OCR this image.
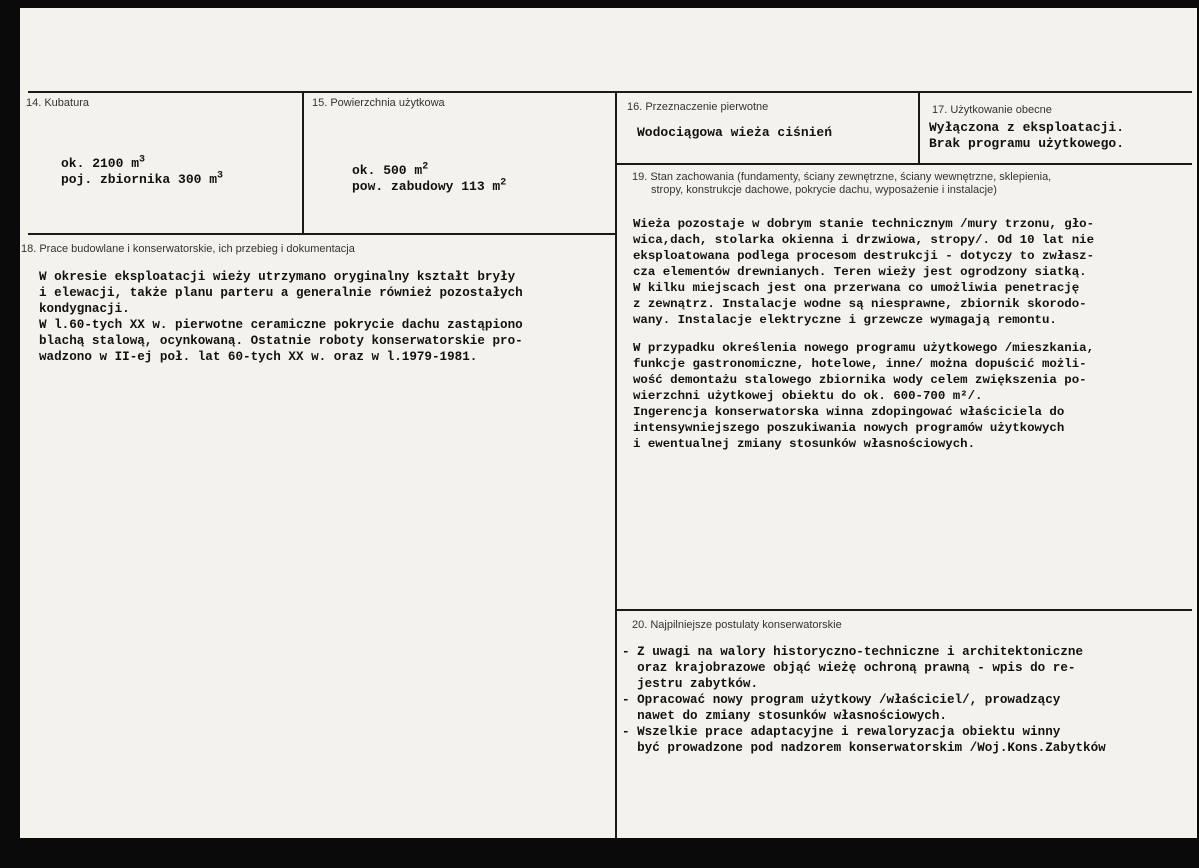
14. Kubatura

ok. 2100 $m^3$
poj. zbiornika 300 $m^3$

15. Powierzchnia użytkowa

ok. 500 $m^2$
pow. zabudowy 113 $m^2$

16. Przeznaczenie pierwotne
Wodociągowa wieża ciśnień
17. Użytkowanie obecne
Wyłączona z eksploatacji.
Brak programu użytkowego.
19. Stan zachowania (fundamenty, ściany zewnętrzne, ściany wewnętrzne, sklepienia,
stropy, konstrukcje dachowe, pokrycie dachu, wyposażenie i instalacje)
Wieża pozostaje w dobrym stanie technicznym /mury trzonu, gło-
wica,dach, stolarka okienna i drzwiowa, stropy/. Od 10 lat nie
eksploatowana podlega procesom destrukcji - dotyczy to zwłasz-
cza elementów drewnianych. Teren wieży jest ogrodzony siatką.
W kilku miejscach jest ona przerwana co umożliwia penetrację
z zewnątrz. Instalacje wodne są niesprawne, zbiornik skorodo-
wany. Instalacje elektryczne i grzewcze wymagają remontu.
W przypadku określenia nowego programu użytkowego /mieszkania,
funkcje gastronomiczne, hotelowe, inne/ można dopuścić możli-
wość demontażu stalowego zbiornika wody celem zwiększenia po-
wierzchni użytkowej obiektu do ok. 600-700 m²/.
Ingerencja konserwatorska winna zdopingować właściciela do
intensywniejszego poszukiwania nowych programów użytkowych
i ewentualnej zmiany stosunków własnościowych.
18. Prace budowlane i konserwatorskie, ich przebieg i dokumentacja
W okresie eksploatacji wieży utrzymano oryginalny kształt bryły
i elewacji, także planu parteru a generalnie również pozostałych
kondygnacji.
W l.60-tych XX w. pierwotne ceramiczne pokrycie dachu zastąpiono
blachą stalową, ocynkowaną. Ostatnie roboty konserwatorskie pro-
wadzono w II-ej poł. lat 60-tych XX w. oraz w l.1979-1981.
20. Najpilniejsze postulaty konserwatorskie
- Z uwagi na walory historyczno-techniczne i architektoniczne
oraz krajobrazowe objąć wieżę ochroną prawną - wpis do re-
jestru zabytków.
- Opracować nowy program użytkowy /właściciel/, prowadzący
nawet do zmiany stosunków własnościowych.
- Wszelkie prace adaptacyjne i rewaloryzacja obiektu winny
być prowadzone pod nadzorem konserwatorskim /Woj.Kons.Zabytków
